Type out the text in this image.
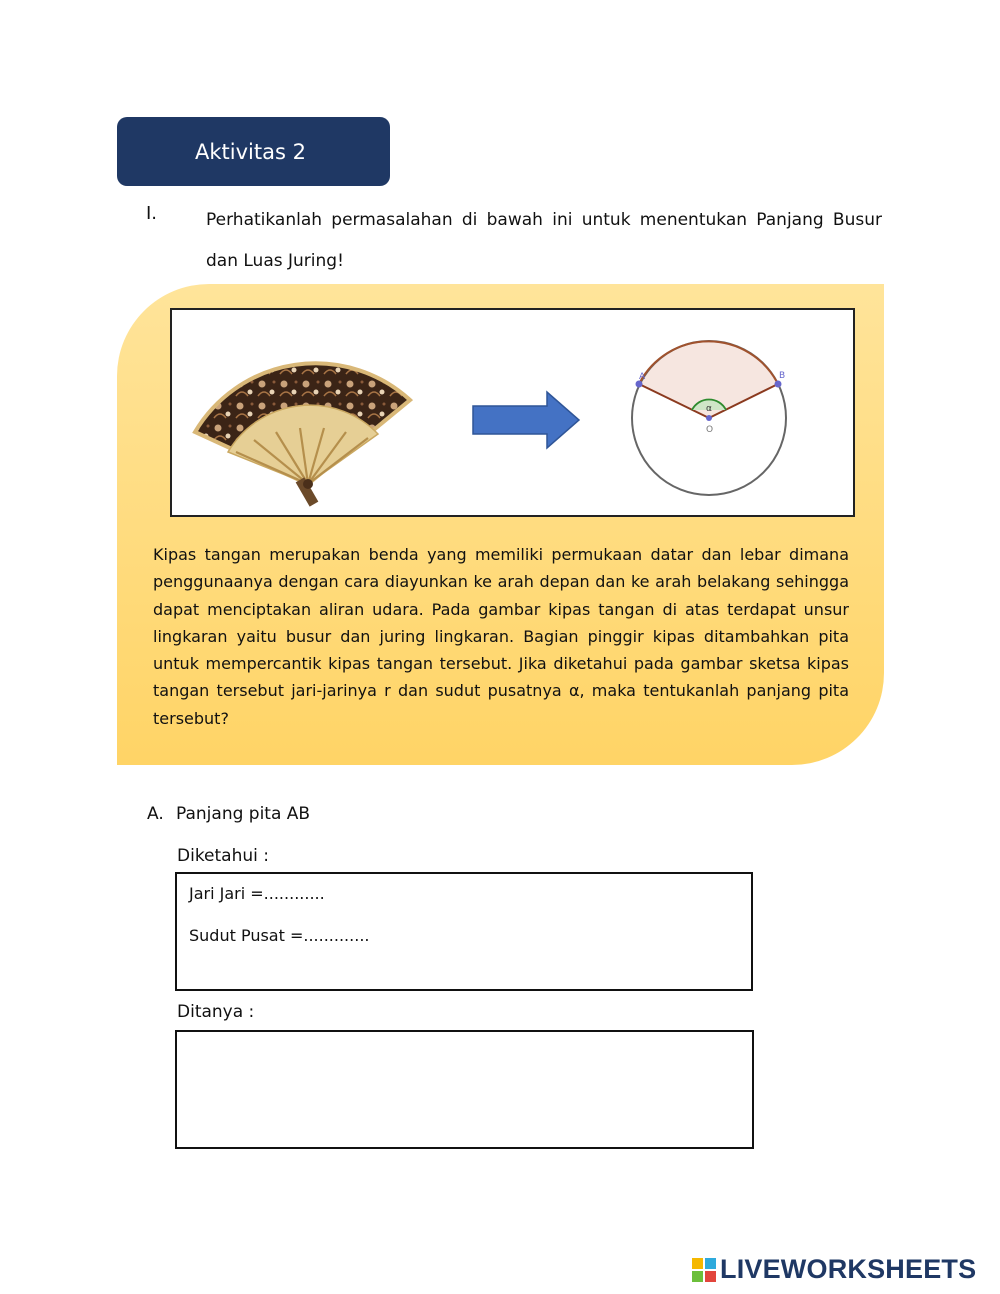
Aktivitas 2
I.	Perhatikanlah permasalahan di bawah ini untuk menentukan Panjang Busur dan Luas Juring!
A	B
O
α
Kipas tangan merupakan benda yang memiliki permukaan datar dan lebar dimana penggunaanya dengan cara diayunkan ke arah depan dan ke arah belakang sehingga dapat menciptakan aliran udara. Pada gambar kipas tangan di atas terdapat unsur lingkaran yaitu busur dan juring lingkaran. Bagian pinggir kipas ditambahkan pita untuk mempercantik kipas tangan tersebut. Jika diketahui pada gambar sketsa kipas tangan tersebut jari-jarinya r dan sudut pusatnya α, maka tentukanlah panjang pita tersebut?
A. Panjang pita AB
Diketahui :
Jari Jari =............
Sudut Pusat =.............
Ditanya :
LIVEWORKSHEETS
